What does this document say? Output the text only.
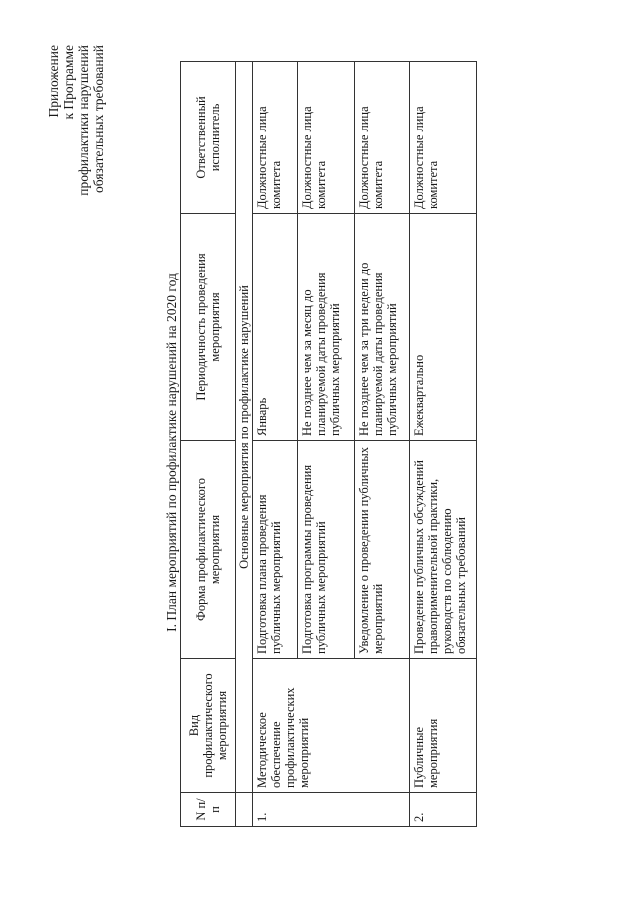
Приложение к Программе профилактики нарушений обязательных требований
I. План мероприятий по профилактике нарушений на 2020 год
N п/п	Вид профилактического мероприятия	Форма профилактического мероприятия	Периодичность проведения мероприятия	Ответственный исполнитель
	Основные мероприятия по профилактике нарушений			
1.	Методическое обеспечение профилактических мероприятий	Подготовка плана проведения публичных мероприятий	Январь	Должностные лица комитета
		Подготовка программы проведения публичных мероприятий	Не позднее чем за месяц до планируемой даты проведения публичных мероприятий	Должностные лица комитета
		Уведомление о проведении публичных мероприятий	Не позднее чем за три недели до планируемой даты проведения публичных мероприятий	Должностные лица комитета
2.	Публичные мероприятия	Проведение публичных обсуждений правоприменительной практики, руководств по соблюдению обязательных требований	Ежеквартально	Должностные лица комитета
